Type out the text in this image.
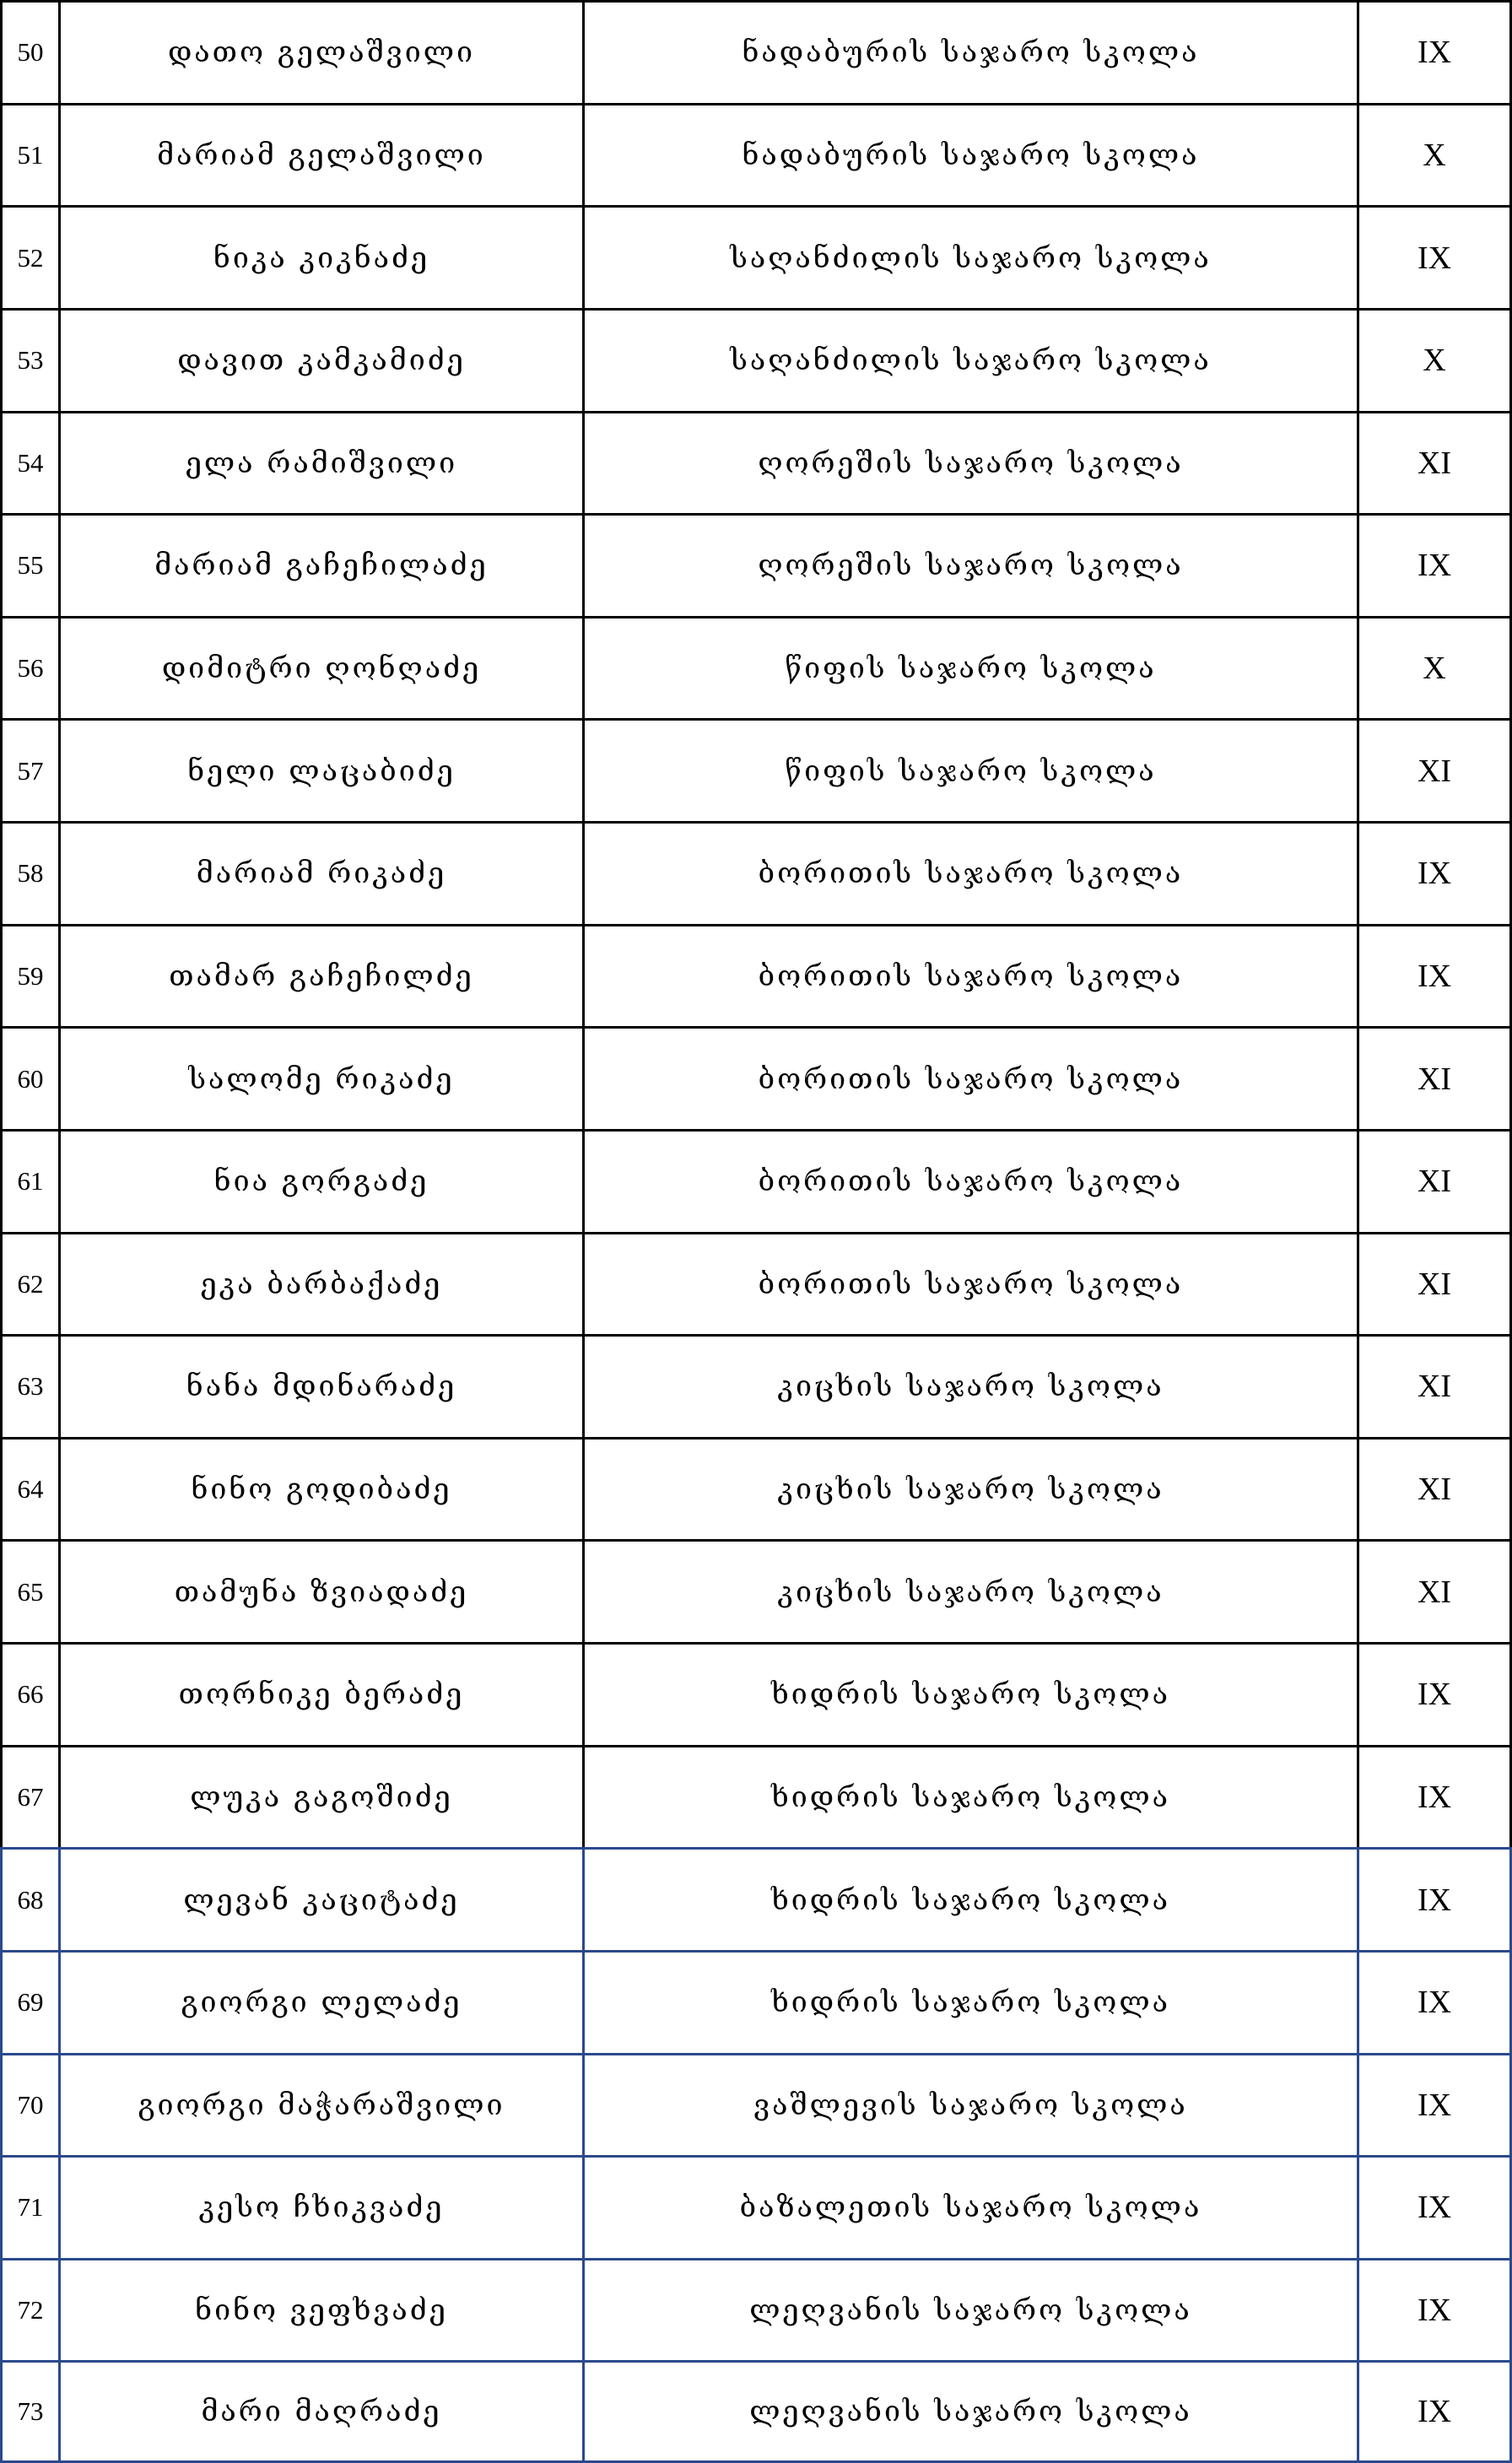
50	დათო გელაშვილი	ნადაბურის საჯარო სკოლა	IX
51	მარიამ გელაშვილი	ნადაბურის საჯარო სკოლა	X
52	ნიკა კიკნაძე	საღანძილის საჯარო სკოლა	IX
53	დავით კამკამიძე	საღანძილის საჯარო სკოლა	X
54	ელა რამიშვილი	ღორეშის საჯარო სკოლა	XI
55	მარიამ გაჩეჩილაძე	ღორეშის საჯარო სკოლა	IX
56	დიმიტრი ღონღაძე	წიფის საჯარო სკოლა	X
57	ნელი ლაცაბიძე	წიფის საჯარო სკოლა	XI
58	მარიამ რიკაძე	ბორითის საჯარო სკოლა	IX
59	თამარ გაჩეჩილძე	ბორითის საჯარო სკოლა	IX
60	სალომე რიკაძე	ბორითის საჯარო სკოლა	XI
61	ნია გორგაძე	ბორითის საჯარო სკოლა	XI
62	ეკა ბარბაქაძე	ბორითის საჯარო სკოლა	XI
63	ნანა მდინარაძე	კიცხის საჯარო სკოლა	XI
64	ნინო გოდიბაძე	კიცხის საჯარო სკოლა	XI
65	თამუნა ზვიადაძე	კიცხის საჯარო სკოლა	XI
66	თორნიკე ბერაძე	ხიდრის საჯარო სკოლა	IX
67	ლუკა გაგოშიძე	ხიდრის საჯარო სკოლა	IX
68	ლევან კაციტაძე	ხიდრის საჯარო სკოლა	IX
69	გიორგი ლელაძე	ხიდრის საჯარო სკოლა	IX
70	გიორგი მაჭარაშვილი	ვაშლევის საჯარო სკოლა	IX
71	კესო ჩხიკვაძე	ბაზალეთის საჯარო სკოლა	IX
72	ნინო ვეფხვაძე	ლეღვანის საჯარო სკოლა	IX
73	მარი მაღრაძე	ლეღვანის საჯარო სკოლა	IX
